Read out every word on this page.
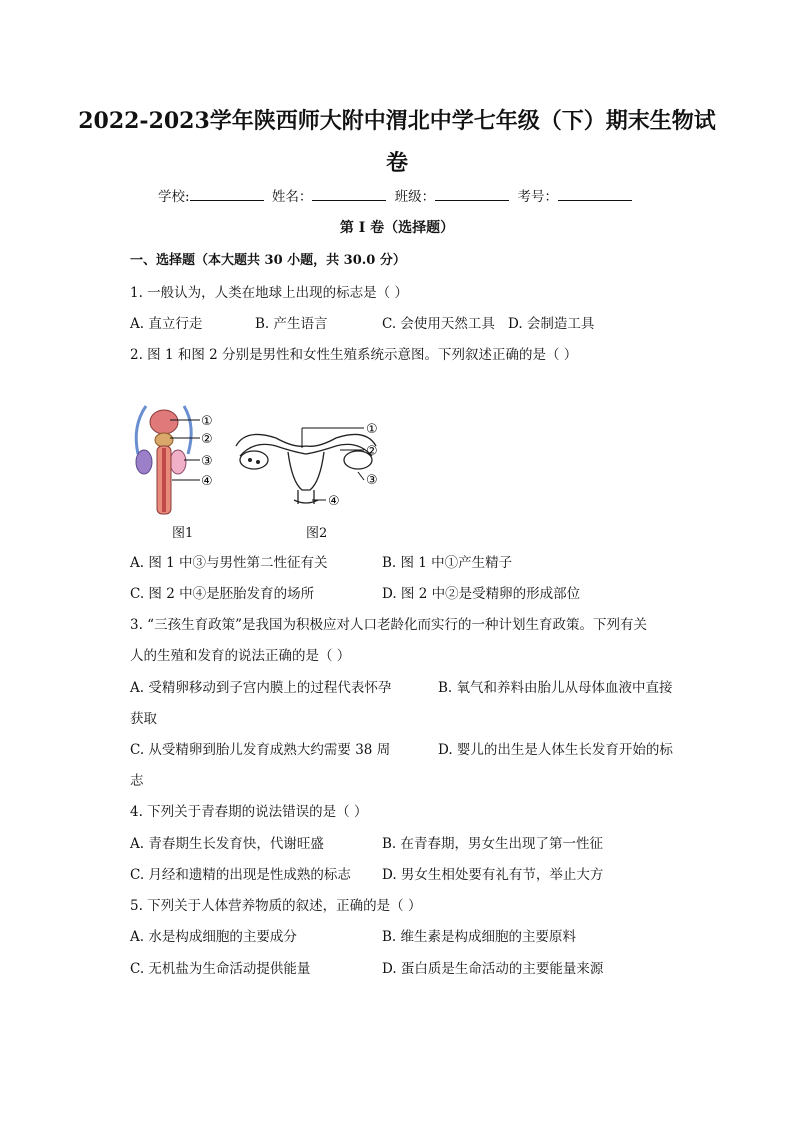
2022-2023学年陕西师大附中渭北中学七年级（下）期末生物试
卷
学校:	姓名：	班级：	考号：
第 I 卷（选择题）
一、选择题（本大题共 30 小题，共 30.0 分）
1. 一般认为，人类在地球上出现的标志是（ ）
A. 直立行走	B. 产生语言	C. 会使用天然工具 D. 会制造工具
2. 图 1 和图 2 分别是男性和女性生殖系统示意图。下列叙述正确的是（ ）
①
②
③
④
①
②
③
④
图1	图2
A. 图 1 中③与男性第二性征有关	B. 图 1 中①产生精子
C. 图 2 中④是胚胎发育的场所	D. 图 2 中②是受精卵的形成部位
3. “三孩生育政策”是我国为积极应对人口老龄化而实行的一种计划生育政策。下列有关
人的生殖和发育的说法正确的是（ ）
A. 受精卵移动到子宫内膜上的过程代表怀孕	B. 氧气和养料由胎儿从母体血液中直接
获取
C. 从受精卵到胎儿发育成熟大约需要 38 周	D. 婴儿的出生是人体生长发育开始的标
志
4. 下列关于青春期的说法错误的是（ ）
A. 青春期生长发育快，代谢旺盛	B. 在青春期，男女生出现了第一性征
C. 月经和遗精的出现是性成熟的标志 D. 男女生相处要有礼有节，举止大方
5. 下列关于人体营养物质的叙述，正确的是（ ）
A. 水是构成细胞的主要成分	B. 维生素是构成细胞的主要原料
C. 无机盐为生命活动提供能量	D. 蛋白质是生命活动的主要能量来源
